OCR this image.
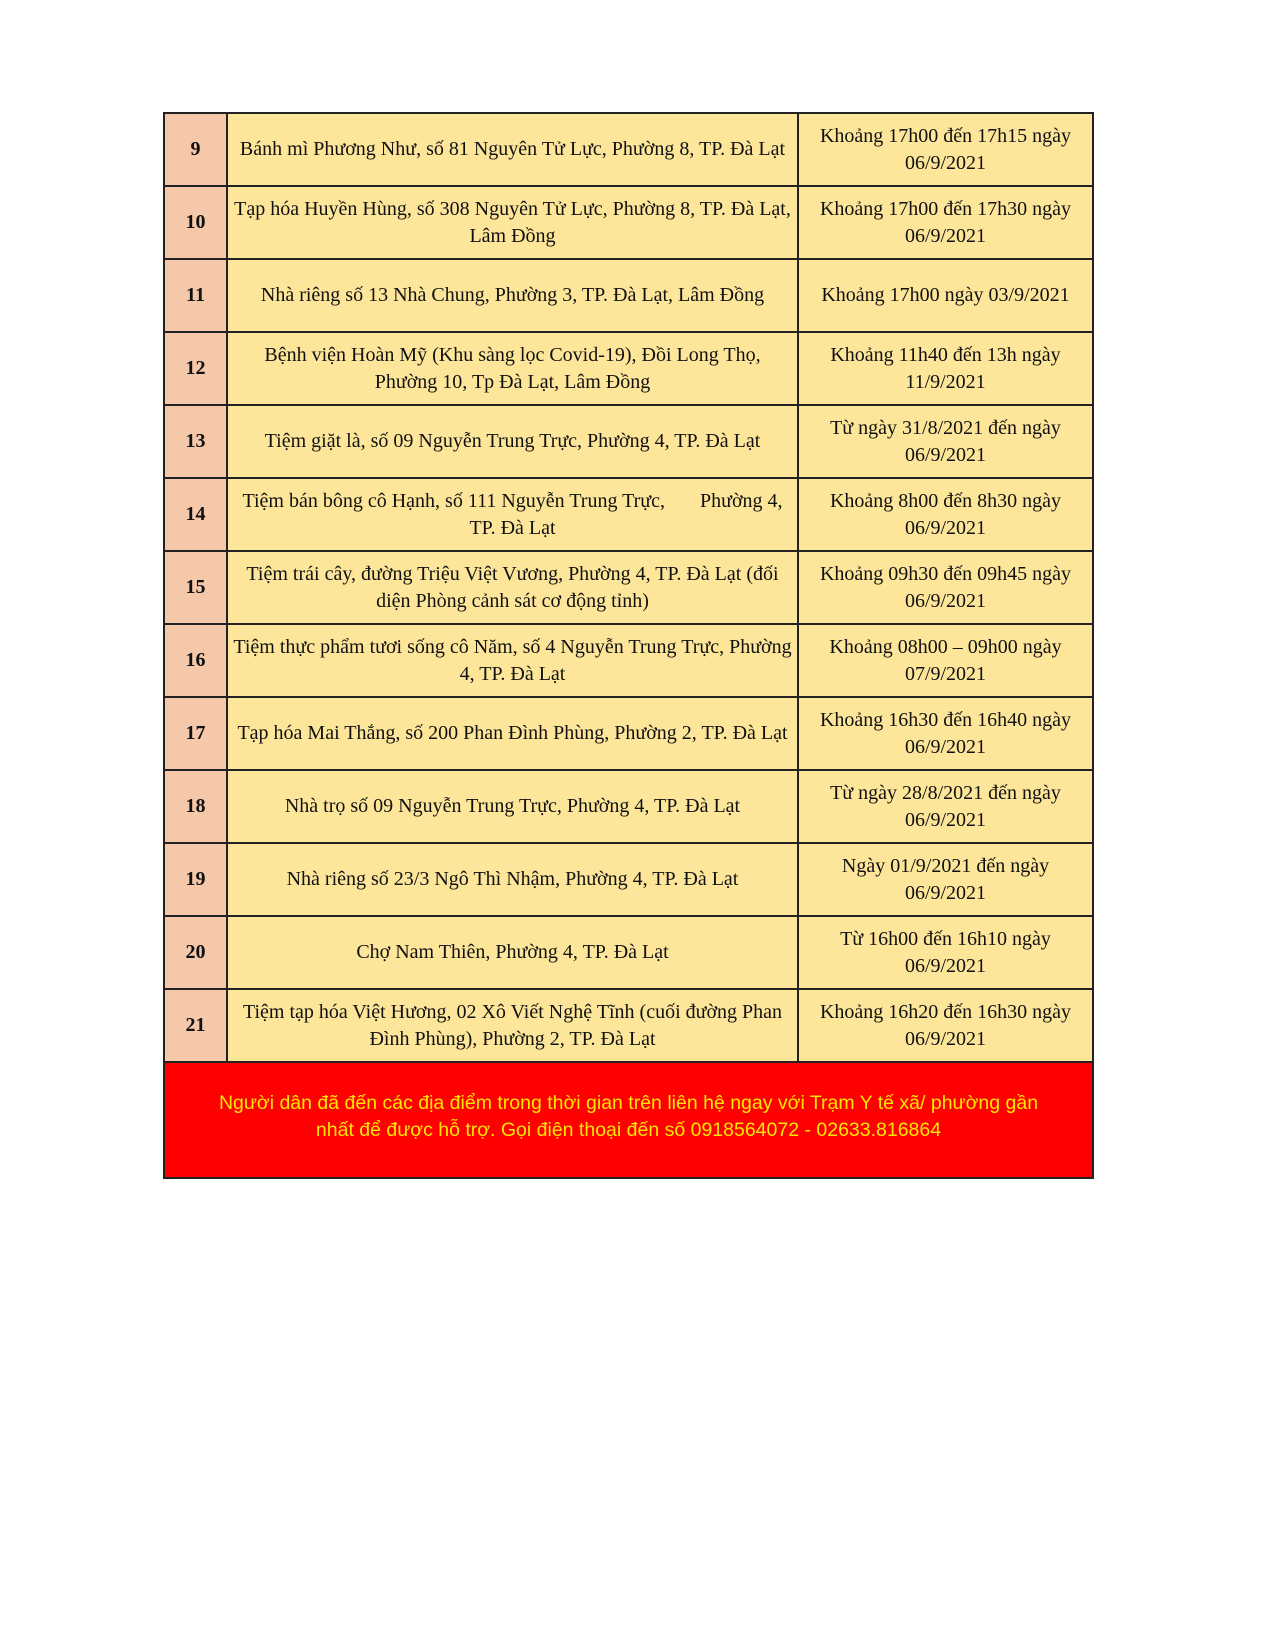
9	Bánh mì Phương Như, số 81 Nguyên Tử Lực, Phường 8, TP. Đà Lạt	Khoảng 17h00 đến 17h15 ngày 06/9/2021
10	Tạp hóa Huyền Hùng, số 308 Nguyên Tử Lực, Phường 8, TP. Đà Lạt, Lâm Đồng	Khoảng 17h00 đến 17h30 ngày 06/9/2021
11	Nhà riêng số 13 Nhà Chung, Phường 3, TP. Đà Lạt, Lâm Đồng	Khoảng 17h00 ngày 03/9/2021
12	Bệnh viện Hoàn Mỹ (Khu sàng lọc Covid-19), Đồi Long Thọ, Phường 10, Tp Đà Lạt, Lâm Đồng	Khoảng 11h40 đến 13h ngày 11/9/2021
13	Tiệm giặt là, số 09 Nguyễn Trung Trực, Phường 4, TP. Đà Lạt	Từ ngày 31/8/2021 đến ngày 06/9/2021
14	Tiệm bán bông cô Hạnh, số 111 Nguyễn Trung Trực,       Phường 4, TP. Đà Lạt	Khoảng 8h00 đến 8h30 ngày 06/9/2021
15	Tiệm trái cây, đường Triệu Việt Vương, Phường 4, TP. Đà Lạt (đối diện Phòng cảnh sát cơ động tỉnh)	Khoảng 09h30 đến 09h45 ngày 06/9/2021
16	Tiệm thực phẩm tươi sống cô Năm, số 4 Nguyễn Trung Trực, Phường 4, TP. Đà Lạt	Khoảng 08h00 – 09h00 ngày 07/9/2021
17	Tạp hóa Mai Thắng, số 200 Phan Đình Phùng, Phường 2, TP. Đà Lạt	Khoảng 16h30 đến 16h40 ngày 06/9/2021
18	Nhà trọ số 09 Nguyễn Trung Trực, Phường 4, TP. Đà Lạt	Từ ngày 28/8/2021 đến ngày 06/9/2021
19	Nhà riêng số 23/3 Ngô Thì Nhậm, Phường 4, TP. Đà Lạt	Ngày 01/9/2021 đến ngày 06/9/2021
20	Chợ Nam Thiên, Phường 4, TP. Đà Lạt	Từ 16h00 đến 16h10 ngày 06/9/2021
21	Tiệm tạp hóa Việt Hương, 02 Xô Viết Nghệ Tĩnh (cuối đường Phan Đình Phùng), Phường 2, TP. Đà Lạt	Khoảng 16h20 đến 16h30 ngày 06/9/2021
Người dân đã đến các địa điểm trong thời gian trên liên hệ ngay với Trạm Y tế xã/ phường gần nhất để được hỗ trợ. Gọi điện thoại đến số 0918564072 - 02633.816864		
